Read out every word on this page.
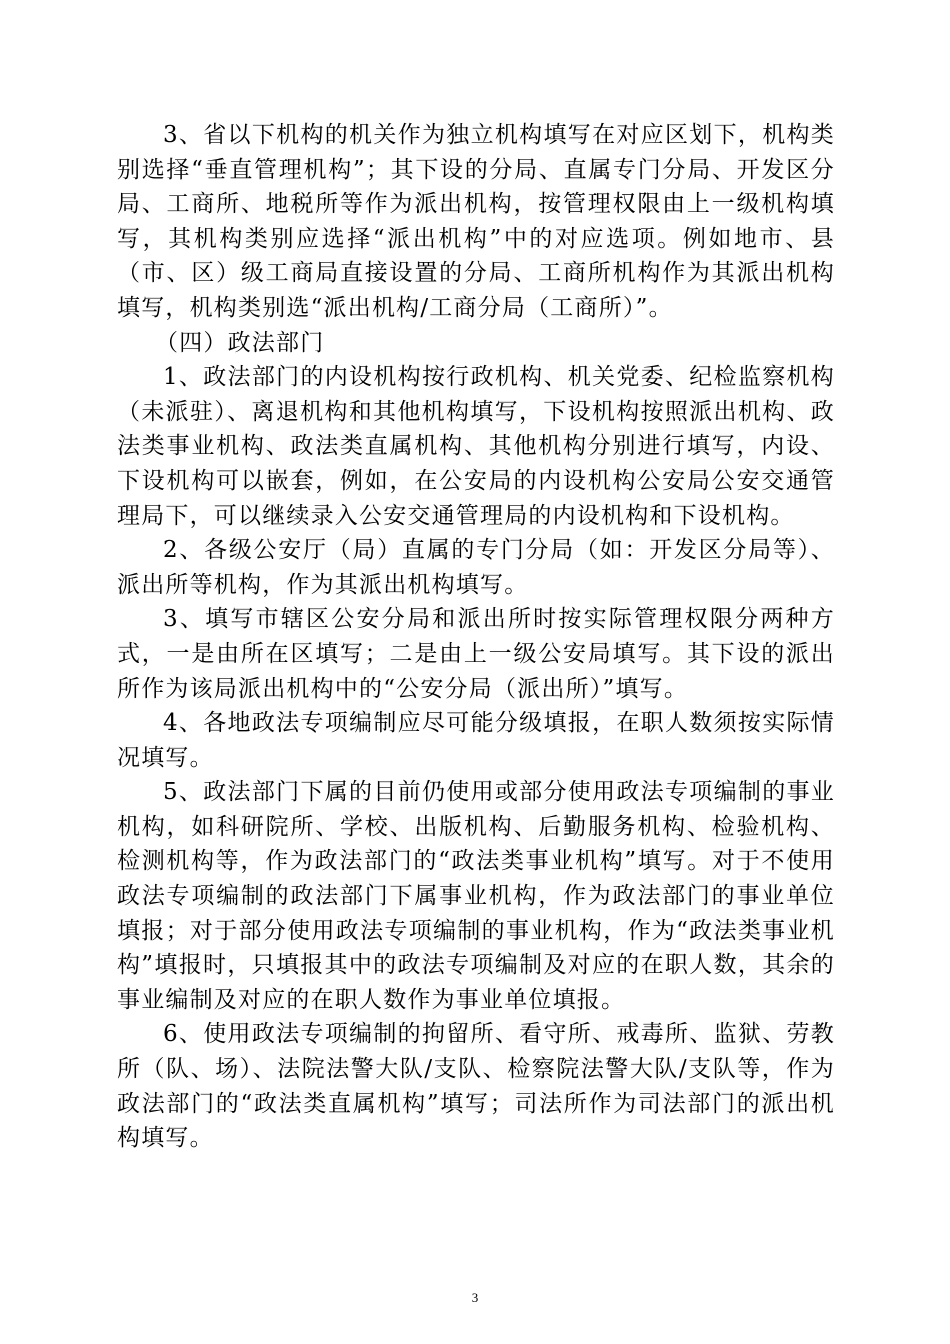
3、省以下机构的机关作为独立机构填写在对应区划下，机构类别选择“垂直管理机构”；其下设的分局、直属专门分局、开发区分局、工商所、地税所等作为派出机构，按管理权限由上一级机构填写，其机构类别应选择“派出机构”中的对应选项。例如地市、县（市、区）级工商局直接设置的分局、工商所机构作为其派出机构填写，机构类别选“派出机构/工商分局（工商所）”。

（四）政法部门

1、政法部门的内设机构按行政机构、机关党委、纪检监察机构（未派驻）、离退机构和其他机构填写，下设机构按照派出机构、政法类事业机构、政法类直属机构、其他机构分别进行填写，内设、下设机构可以嵌套，例如，在公安局的内设机构公安局公安交通管理局下，可以继续录入公安交通管理局的内设机构和下设机构。

2、各级公安厅（局）直属的专门分局（如：开发区分局等）、派出所等机构，作为其派出机构填写。

3、填写市辖区公安分局和派出所时按实际管理权限分两种方式，一是由所在区填写；二是由上一级公安局填写。其下设的派出所作为该局派出机构中的“公安分局（派出所）”填写。

4、各地政法专项编制应尽可能分级填报，在职人数须按实际情况填写。

5、政法部门下属的目前仍使用或部分使用政法专项编制的事业机构，如科研院所、学校、出版机构、后勤服务机构、检验机构、检测机构等，作为政法部门的“政法类事业机构”填写。对于不使用政法专项编制的政法部门下属事业机构，作为政法部门的事业单位填报；对于部分使用政法专项编制的事业机构，作为“政法类事业机构”填报时，只填报其中的政法专项编制及对应的在职人数，其余的事业编制及对应的在职人数作为事业单位填报。

6、使用政法专项编制的拘留所、看守所、戒毒所、监狱、劳教所（队、场）、法院法警大队/支队、检察院法警大队/支队等，作为政法部门的“政法类直属机构”填写；司法所作为司法部门的派出机构填写。

3
